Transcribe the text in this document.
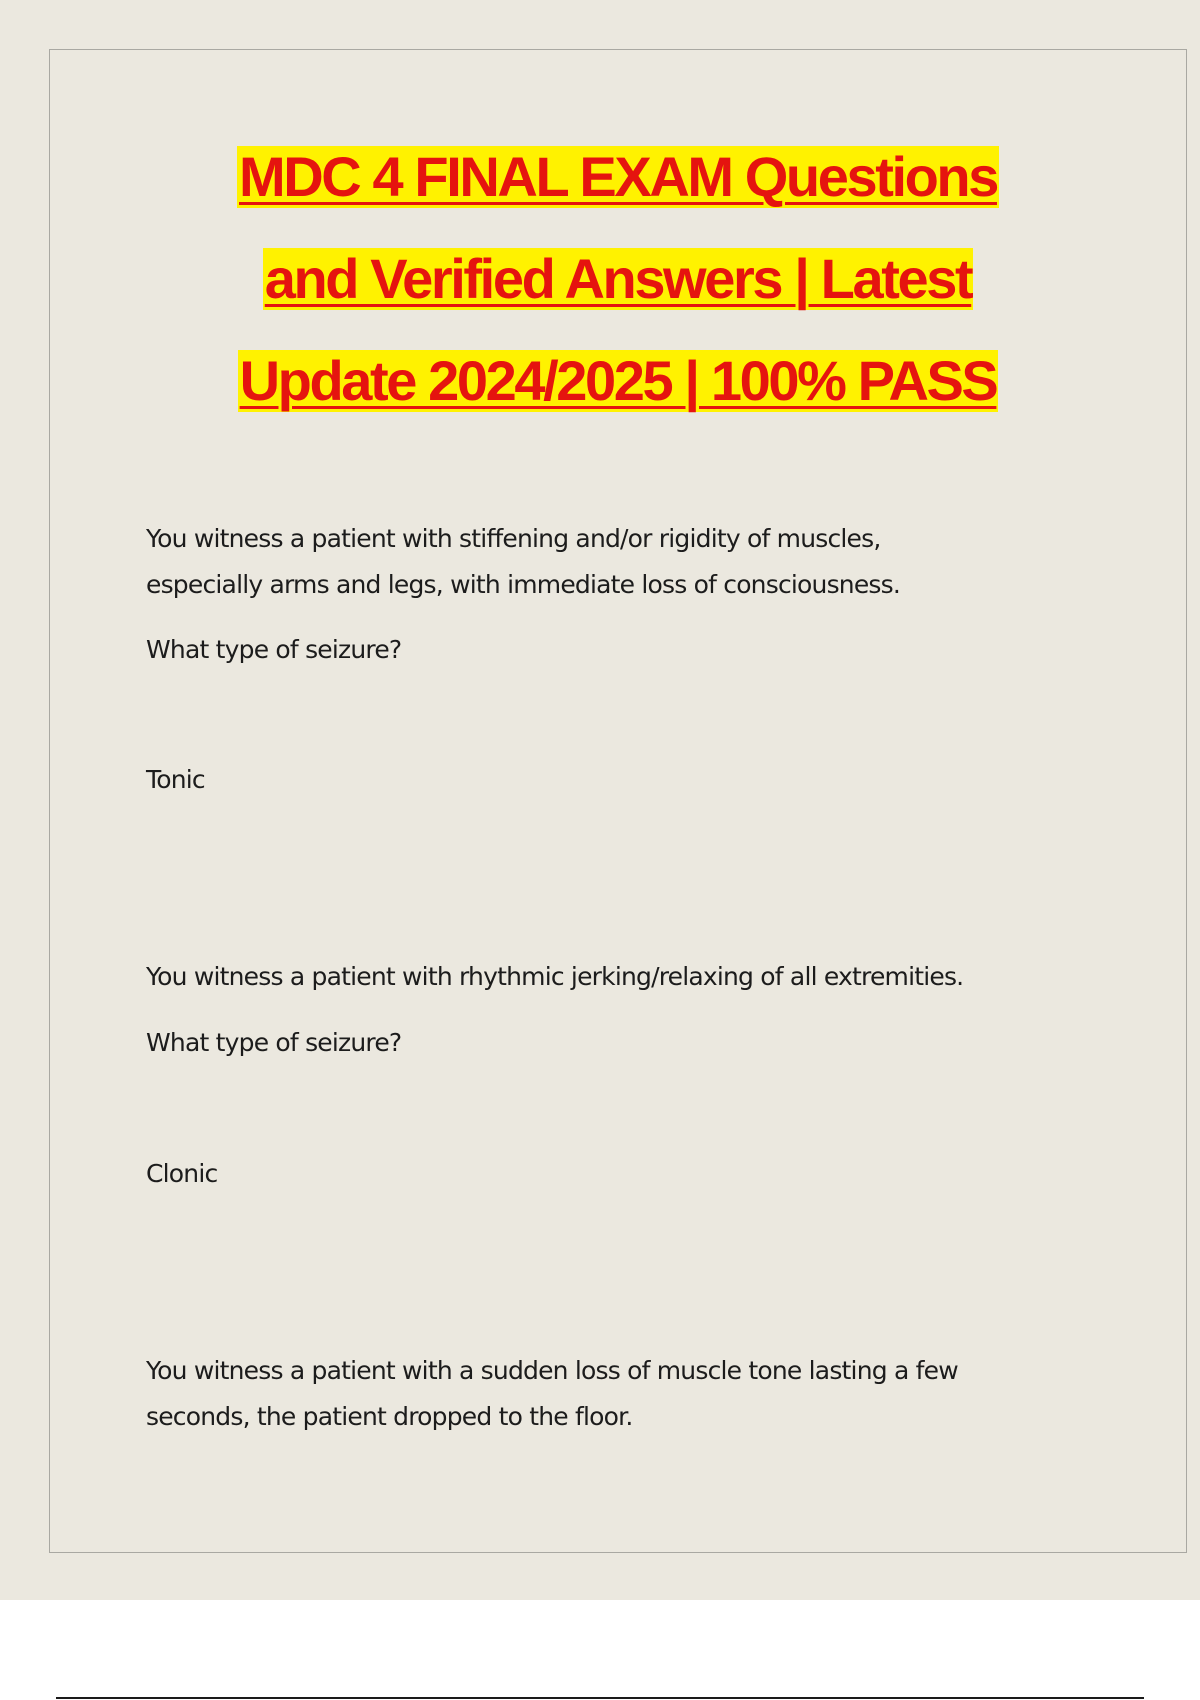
MDC 4 FINAL EXAM Questions
and Verified Answers | Latest
Update 2024/2025 | 100% PASS

You witness a patient with stiffening and/or rigidity of muscles,

especially arms and legs, with immediate loss of consciousness.

What type of seizure?
Tonic
You witness a patient with rhythmic jerking/relaxing of all extremities.
What type of seizure?
Clonic

You witness a patient with a sudden loss of muscle tone lasting a few

seconds, the patient dropped to the floor.
